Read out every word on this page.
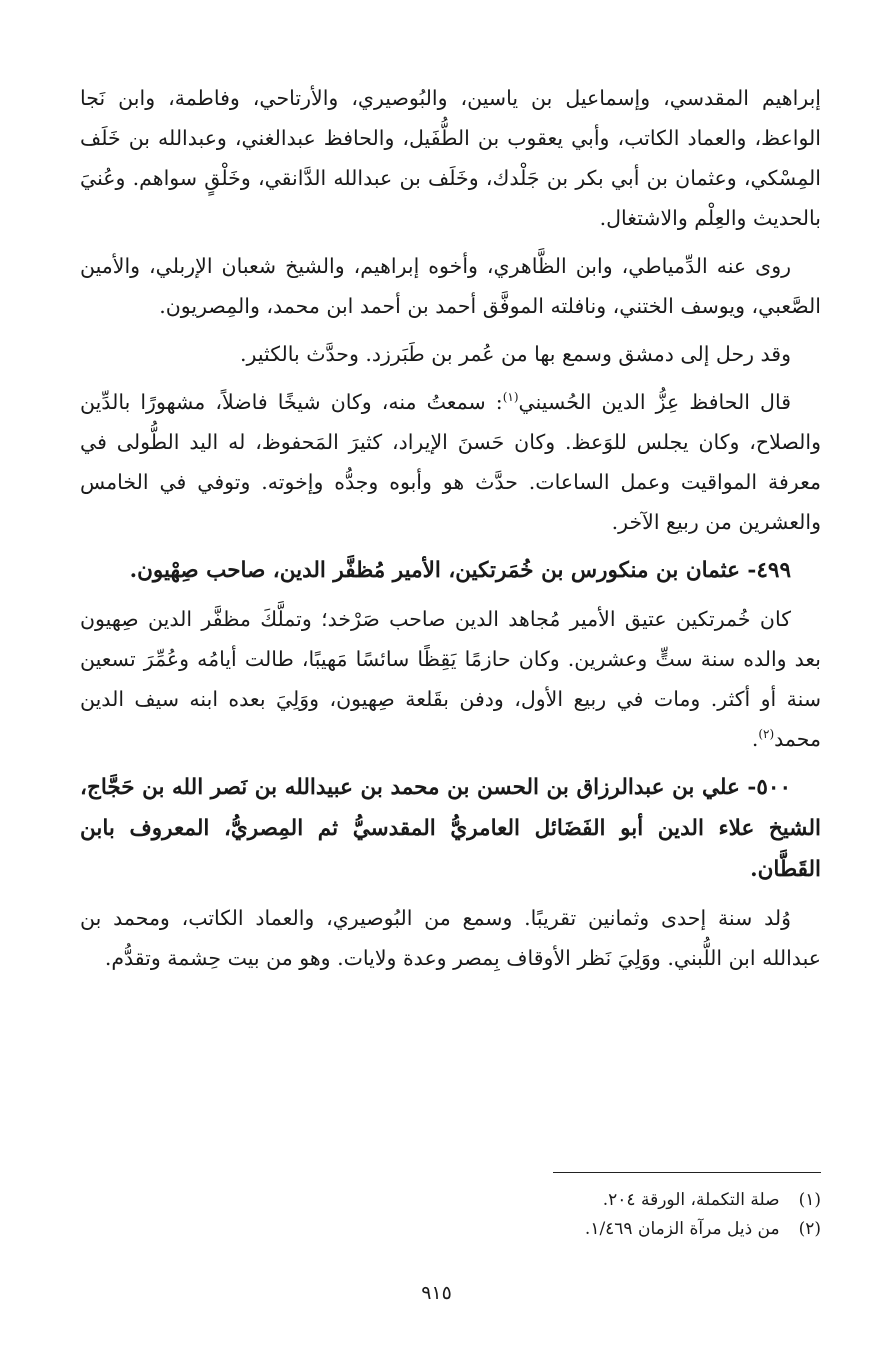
إبراهيم المقدسي، وإسماعيل بن ياسين، والبُوصيري، والأرتاحي، وفاطمة، وابن نَجا الواعظ، والعماد الكاتب، وأبي يعقوب بن الطُّفَيل، والحافظ عبدالغني، وعبدالله بن خَلَف المِسْكي، وعثمان بن أبي بكر بن جَلْدك، وخَلَف بن عبدالله الدَّانقي، وخَلْقٍ سواهم. وعُنيَ بالحديث والعِلْم والاشتغال.

روى عنه الدِّمياطي، وابن الظَّاهري، وأخوه إبراهيم، والشيخ شعبان الإربلي، والأمين الصَّعبي، ويوسف الختني، ونافلته الموفَّق أحمد بن أحمد ابن محمد، والمِصريون.

وقد رحل إلى دمشق وسمع بها من عُمر بن طَبَرزد. وحدَّث بالكثير.

قال الحافظ عِزُّ الدين الحُسيني$^{(١)}$: سمعتُ منه، وكان شيخًا فاضلاً، مشهورًا بالدِّين والصلاح، وكان يجلس للوَعظ. وكان حَسنَ الإيراد، كثيرَ المَحفوظ، له اليد الطُّولى في معرفة المواقيت وعمل الساعات. حدَّث هو وأبوه وجدُّه وإخوته. وتوفي في الخامس والعشرين من ربيع الآخر.

٤٩٩- عثمان بن منكورس بن خُمَرتكين، الأمير مُظفَّر الدين، صاحب صِهْيون.

كان خُمرتكين عتيق الأمير مُجاهد الدين صاحب صَرْخد؛ وتملَّكَ مظفَّر الدين صِهيون بعد والده سنة ستٍّ وعشرين. وكان حازمًا يَقِظًا سائسًا مَهيبًا، طالت أيامُه وعُمِّرَ تسعين سنة أو أكثر. ومات في ربيع الأول، ودفن بقَلعة صِهيون، ووَلِيَ بعده ابنه سيف الدين محمد$^{(٢)}$.

٥٠٠- علي بن عبدالرزاق بن الحسن بن محمد بن عبيدالله بن نَصر الله بن حَجَّاج، الشيخ علاء الدين أبو الفَضَائل العامريُّ المقدسيُّ ثم المِصريُّ، المعروف بابن القَطَّان.

وُلد سنة إحدى وثمانين تقريبًا. وسمع من البُوصيري، والعماد الكاتب، ومحمد بن عبدالله ابن اللُّبني. ووَلِيَ نَظر الأوقاف بِمصر وعدة ولايات. وهو من بيت حِشمة وتقدُّم.

(١) صلة التكملة، الورقة ٢٠٤.
(٢) من ذيل مرآة الزمان ١/٤٦٩.
٩١٥
